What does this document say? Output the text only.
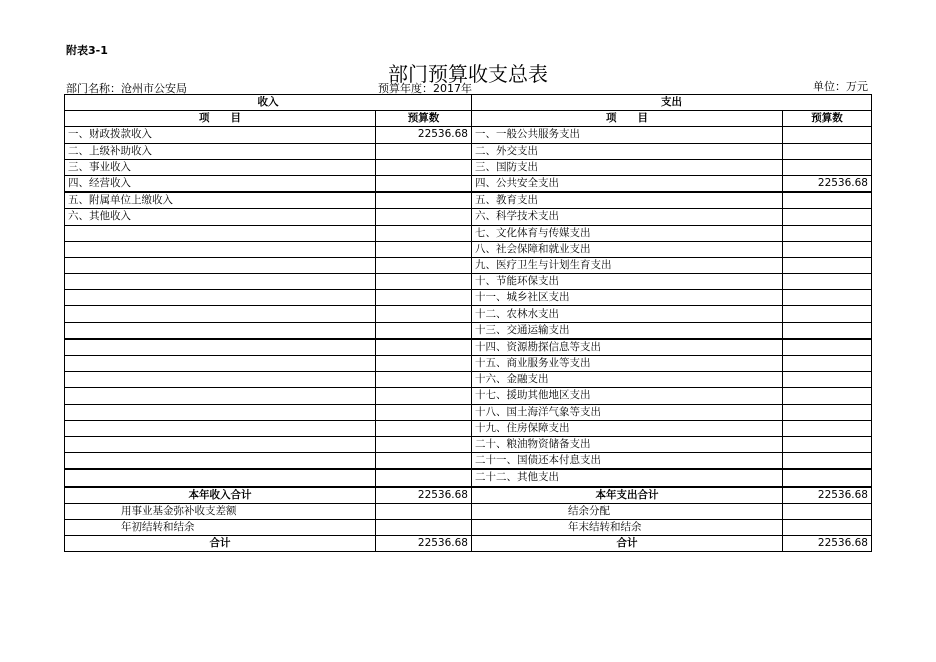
附表3-1
部门预算收支总表
部门名称：沧州市公安局	预算年度：2017年	单位：万元
收入		支出	
项　　目	预算数	项　　目	预算数
一、财政拨款收入	22536.68	一、一般公共服务支出	
二、上级补助收入		二、外交支出	
三、事业收入		三、国防支出	
四、经营收入		四、公共安全支出	22536.68
五、附属单位上缴收入		五、教育支出	
六、其他收入		六、科学技术支出	
		七、文化体育与传媒支出	
		八、社会保障和就业支出	
		九、医疗卫生与计划生育支出	
		十、节能环保支出	
		十一、城乡社区支出	
		十二、农林水支出	
		十三、交通运输支出	
		十四、资源勘探信息等支出	
		十五、商业服务业等支出	
		十六、金融支出	
		十七、援助其他地区支出	
		十八、国土海洋气象等支出	
		十九、住房保障支出	
		二十、粮油物资储备支出	
		二十一、国债还本付息支出	
		二十二、其他支出	
本年收入合计	22536.68	本年支出合计	22536.68
用事业基金弥补收支差额		结余分配	
年初结转和结余		年末结转和结余	
合计	22536.68	合计	22536.68
